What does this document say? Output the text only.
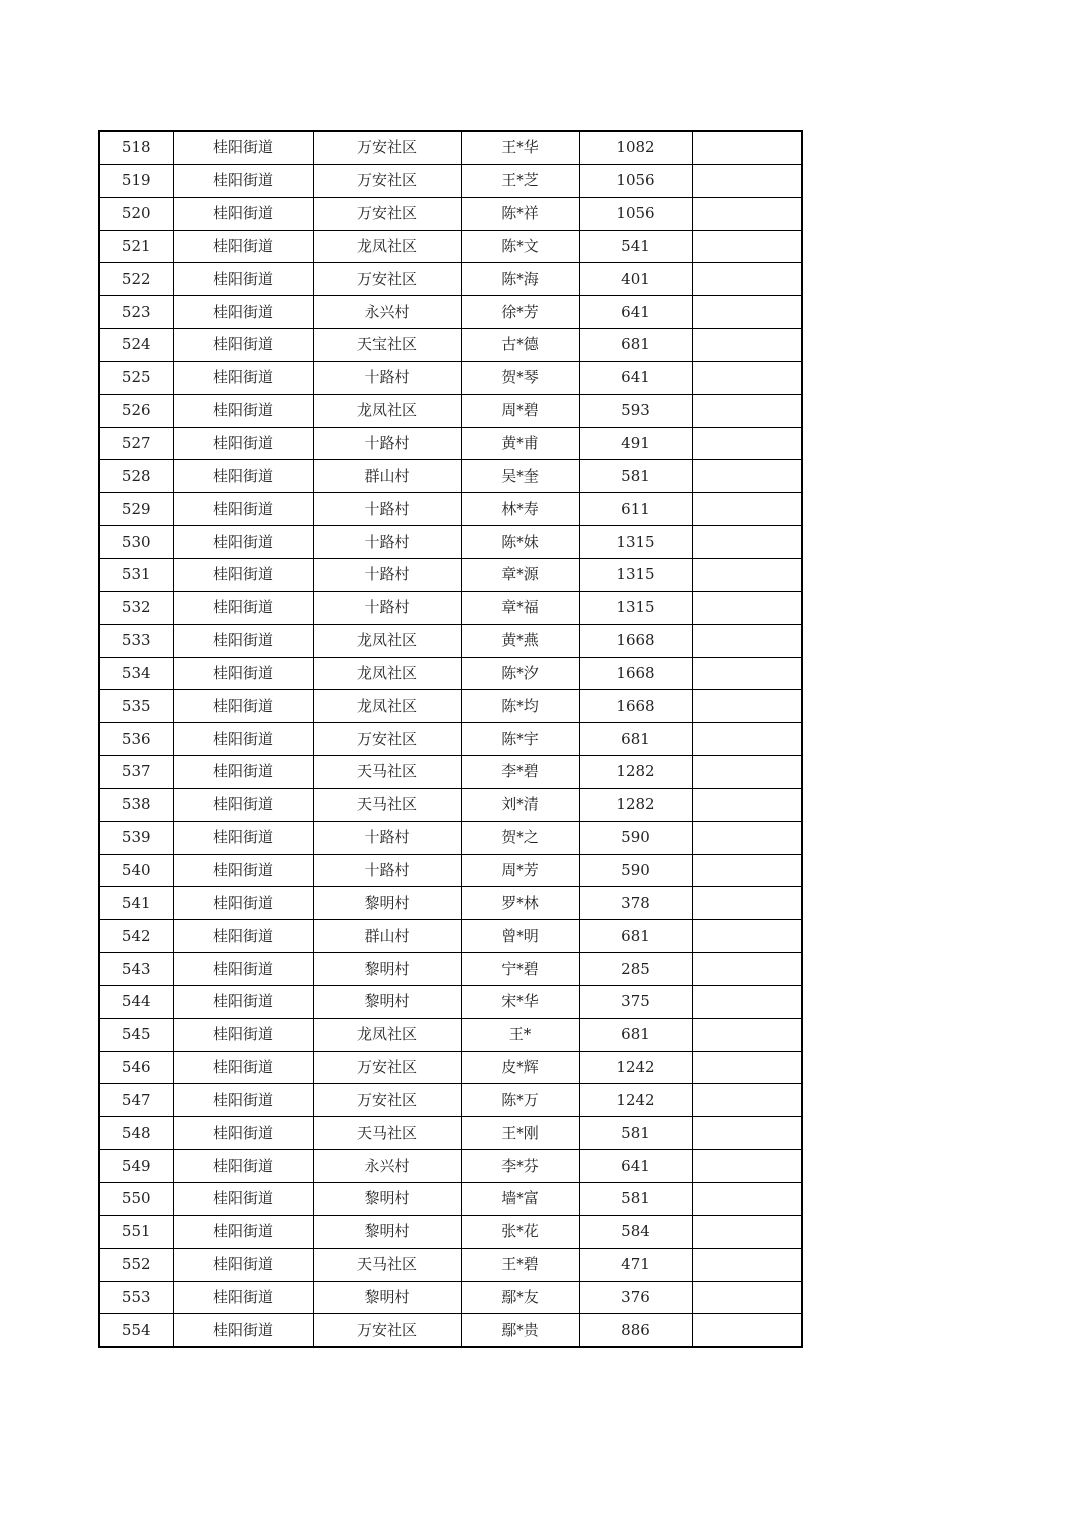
518	桂阳街道	万安社区	王*华	1082	
519	桂阳街道	万安社区	王*芝	1056	
520	桂阳街道	万安社区	陈*祥	1056	
521	桂阳街道	龙凤社区	陈*文	541	
522	桂阳街道	万安社区	陈*海	401	
523	桂阳街道	永兴村	徐*芳	641	
524	桂阳街道	天宝社区	古*德	681	
525	桂阳街道	十路村	贺*琴	641	
526	桂阳街道	龙凤社区	周*碧	593	
527	桂阳街道	十路村	黄*甫	491	
528	桂阳街道	群山村	吴*奎	581	
529	桂阳街道	十路村	林*寿	611	
530	桂阳街道	十路村	陈*妹	1315	
531	桂阳街道	十路村	章*源	1315	
532	桂阳街道	十路村	章*福	1315	
533	桂阳街道	龙凤社区	黄*燕	1668	
534	桂阳街道	龙凤社区	陈*汐	1668	
535	桂阳街道	龙凤社区	陈*均	1668	
536	桂阳街道	万安社区	陈*宇	681	
537	桂阳街道	天马社区	李*碧	1282	
538	桂阳街道	天马社区	刘*清	1282	
539	桂阳街道	十路村	贺*之	590	
540	桂阳街道	十路村	周*芳	590	
541	桂阳街道	黎明村	罗*林	378	
542	桂阳街道	群山村	曾*明	681	
543	桂阳街道	黎明村	宁*碧	285	
544	桂阳街道	黎明村	宋*华	375	
545	桂阳街道	龙凤社区	王*	681	
546	桂阳街道	万安社区	皮*辉	1242	
547	桂阳街道	万安社区	陈*万	1242	
548	桂阳街道	天马社区	王*刚	581	
549	桂阳街道	永兴村	李*芬	641	
550	桂阳街道	黎明村	墙*富	581	
551	桂阳街道	黎明村	张*花	584	
552	桂阳街道	天马社区	王*碧	471	
553	桂阳街道	黎明村	鄢*友	376	
554	桂阳街道	万安社区	鄢*贵	886	
